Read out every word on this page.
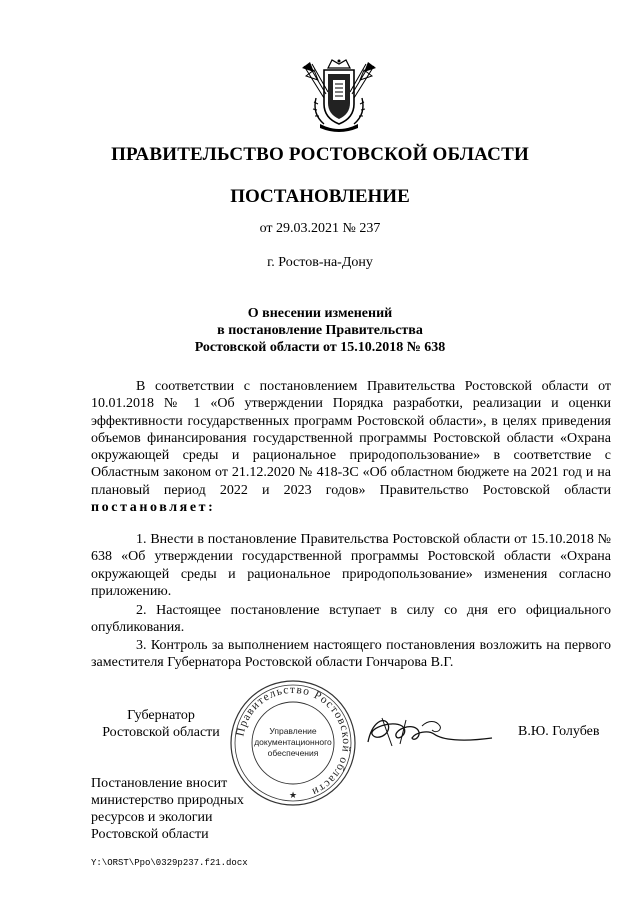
ПРАВИТЕЛЬСТВО РОСТОВСКОЙ ОБЛАСТИ
ПОСТАНОВЛЕНИЕ
от 29.03.2021 № 237
г. Ростов-на-Дону
О внесении изменений
в постановление Правительства
Ростовской области от 15.10.2018 № 638

В соответствии с постановлением Правительства Ростовской области от 10.01.2018 № 1 «Об утверждении Порядка разработки, реализации и оценки эффективности государственных программ Ростовской области», в целях приведения объемов финансирования государственной программы Ростовской области «Охрана окружающей среды и рациональное природопользование» в соответствие с Областным законом от 21.12.2020 № 418-ЗС «Об областном бюджете на 2021 год и на плановый период 2022 и 2023 годов» Правительство Ростовской области постановляет:

1. Внести в постановление Правительства Ростовской области от 15.10.2018 № 638 «Об утверждении государственной программы Ростовской области «Охрана окружающей среды и рациональное природопользование» изменения согласно приложению.

2. Настоящее постановление вступает в силу со дня его официального опубликования.

3. Контроль за выполнением настоящего постановления возложить на первого заместителя Губернатора Ростовской области Гончарова В.Г.

Губернатор
Ростовской области	Правительство Ростовской области
Управление
документационного
обеспечения
★
В.Ю. Голубев
Постановление вносит
министерство природных
ресурсов и экологии
Ростовской области
Y:\ORST\Ppo\0329p237.f21.docx
